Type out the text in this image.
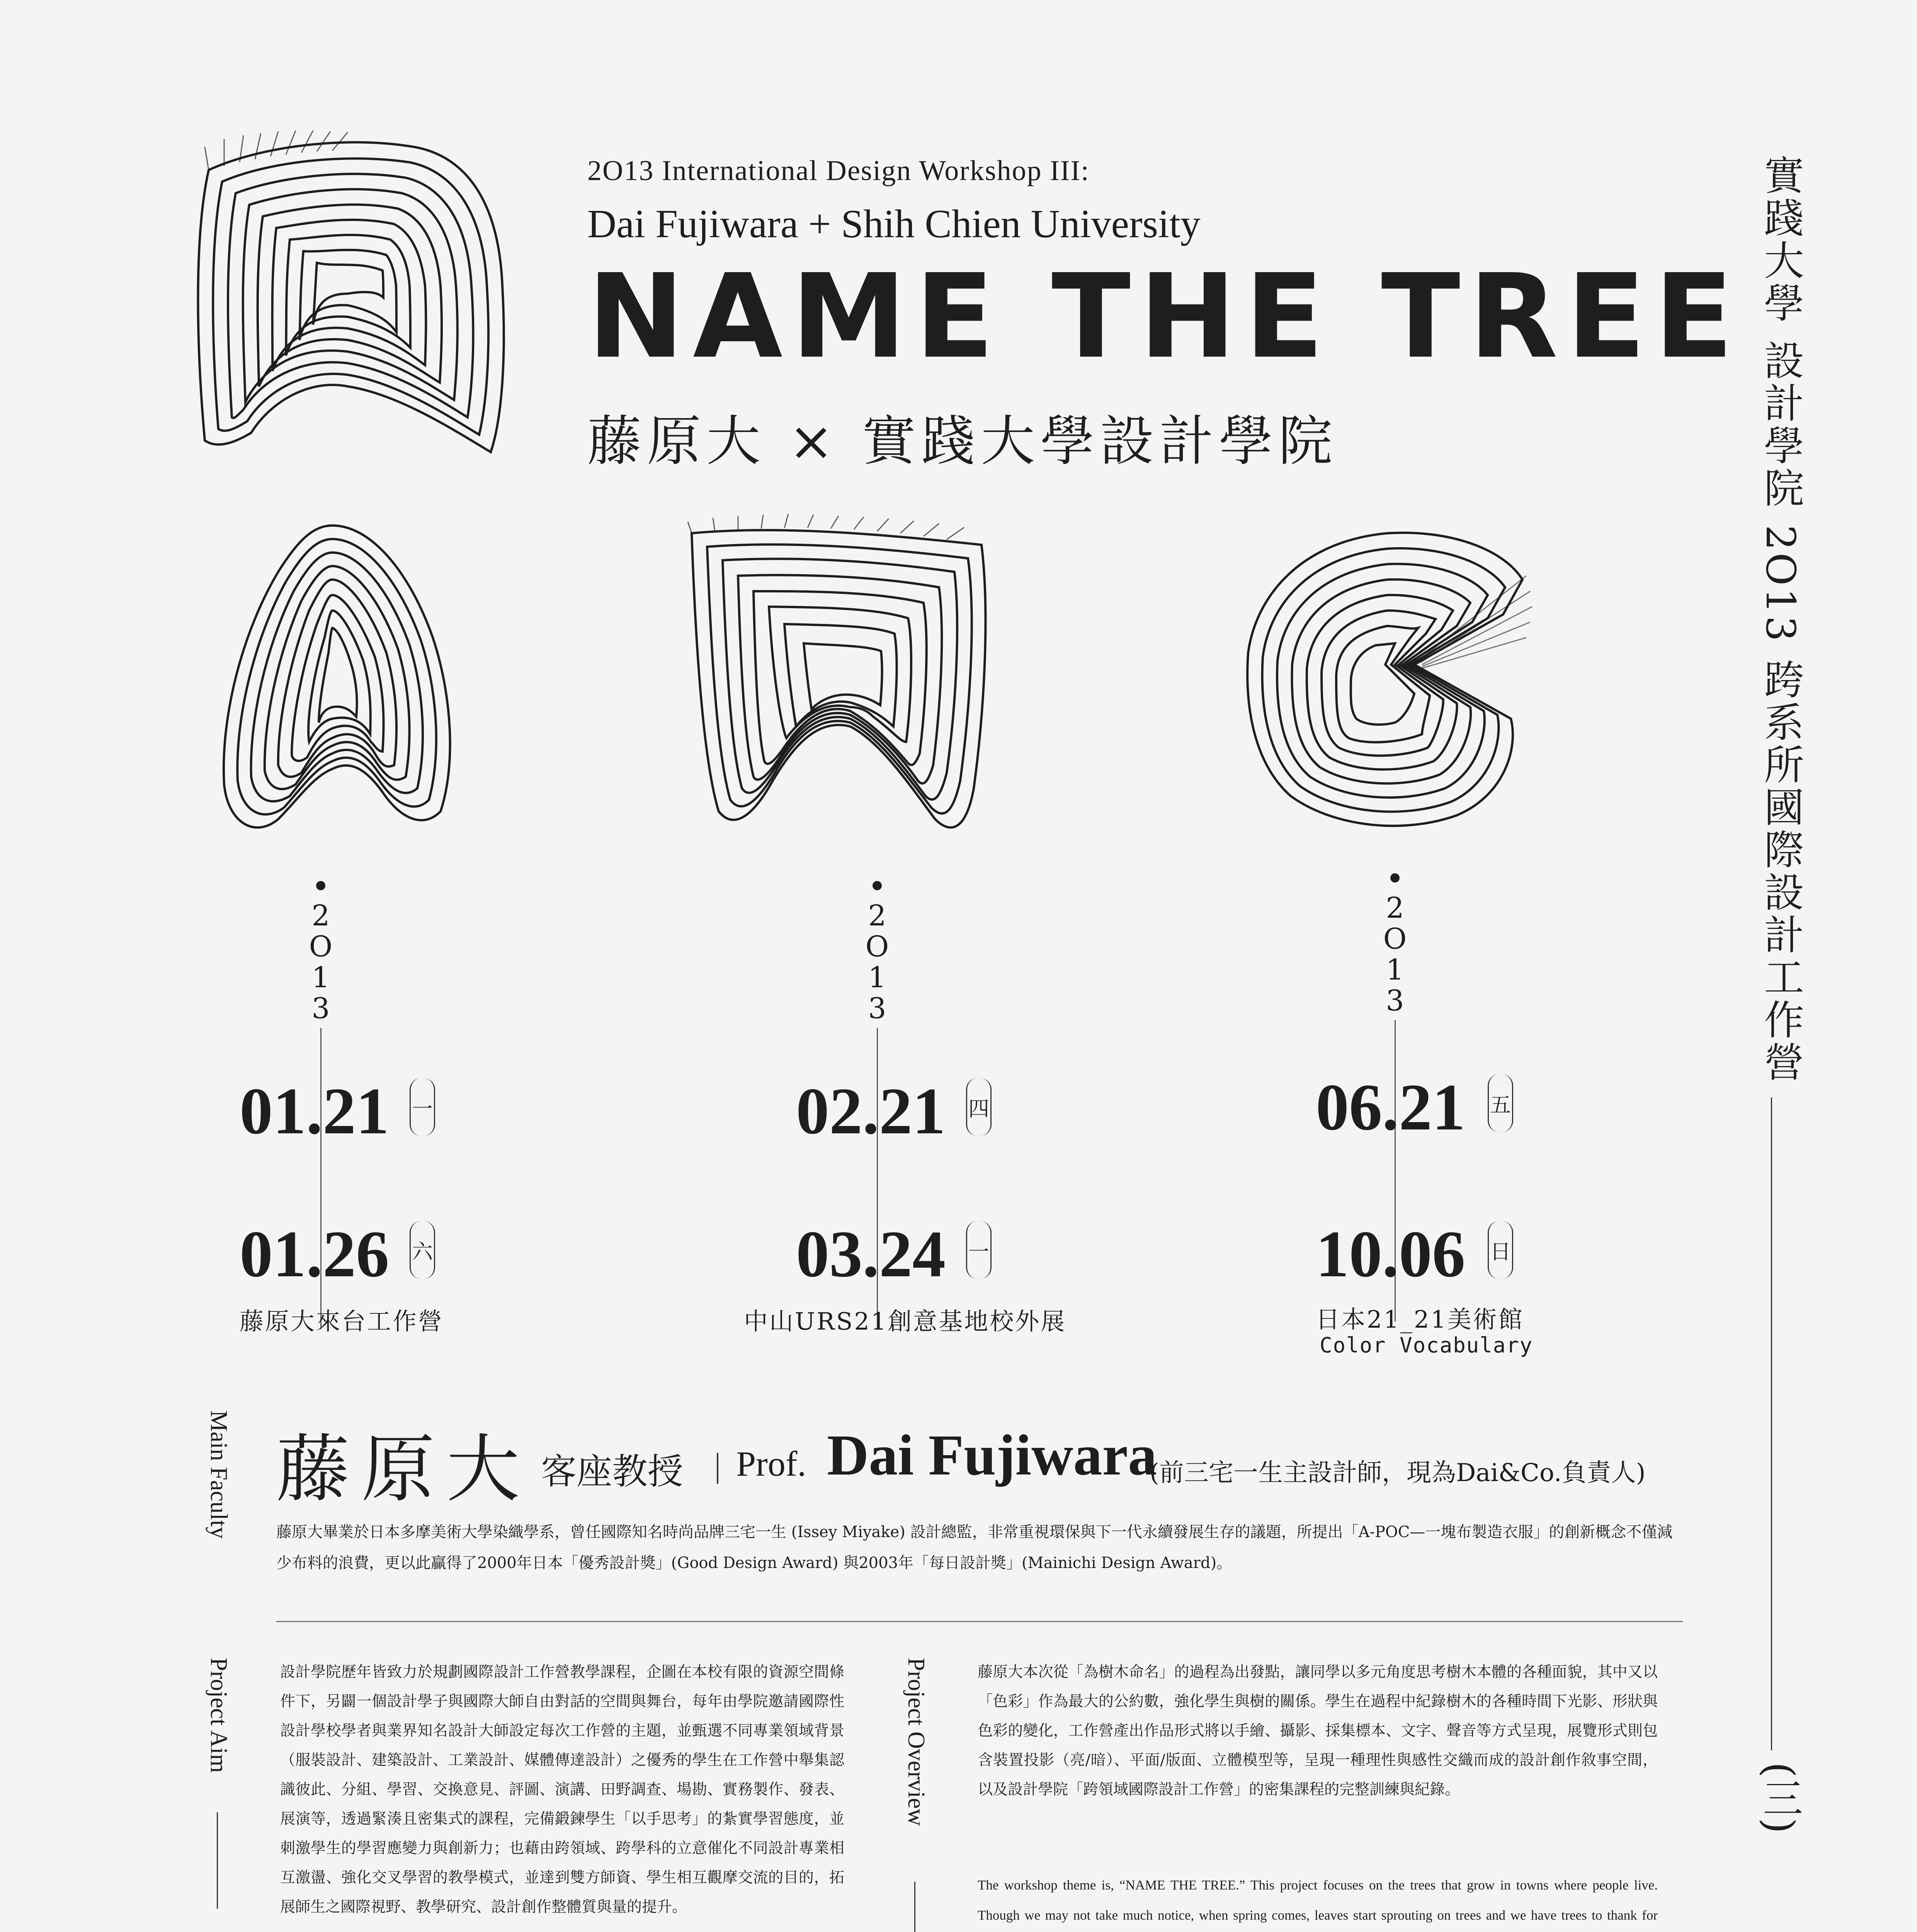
2O13 International Design Workshop III:
Dai Fujiwara + Shih Chien University
NAME THE TREE
藤原大 × 實踐大學設計學院	實踐大學 設計學院 2O13 跨系所國際設計工作營
(三)
2
O
1
3
01.21 一
01.26 六
藤原大來台工作營
2
O
1
3
02.21 四
03.24 一
中山URS21創意基地校外展
2
O
1
3
06.21 五
10.06 日
日本21_21美術館
Color Vocabulary
Main Faculty 藤原大 客座教授 Prof. Dai Fujiwara
(前三宅一生主設計師，現為Dai&Co.負責人)
藤原大畢業於日本多摩美術大學染織學系，曾任國際知名時尚品牌三宅一生 (Issey Miyake) 設計總監，非常重視環保與下一代永續發展生存的議題，所提出「A-POC—一塊布製造衣服」的創新概念不僅減少布料的浪費，更以此贏得了2000年日本「優秀設計獎」(Good Design Award) 與2003年「每日設計獎」(Mainichi Design Award)。
Project Aim	設計學院歷年皆致力於規劃國際設計工作營教學課程，企圖在本校有限的資源空間條件下，另闢一個設計學子與國際大師自由對話的空間與舞台，每年由學院邀請國際性設計學校學者與業界知名設計大師設定每次工作營的主題，並甄選不同專業領域背景（服裝設計、建築設計、工業設計、媒體傳達設計）之優秀的學生在工作營中舉集認識彼此、分組、學習、交換意見、評圖、演講、田野調查、場勘、實務製作、發表、展演等，透過緊湊且密集式的課程，完備鍛鍊學生「以手思考」的紮實學習態度，並刺激學生的學習應變力與創新力；也藉由跨領域、跨學科的立意催化不同設計專業相互激盪、強化交叉學習的教學模式，並達到雙方師資、學生相互觀摩交流的目的，拓展師生之國際視野、教學研究、設計創作整體質與量的提升。
Project Overview	藤原大本次從「為樹木命名」的過程為出發點，讓同學以多元角度思考樹木本體的各種面貌，其中又以「色彩」作為最大的公約數，強化學生與樹的關係。學生在過程中紀錄樹木的各種時間下光影、形狀與色彩的變化，工作營產出作品形式將以手繪、攝影、採集標本、文字、聲音等方式呈現，展覽形式則包含裝置投影（亮/暗）、平面/版面、立體模型等，呈現一種理性與感性交織而成的設計創作敘事空間，以及設計學院「跨領域國際設計工作營」的密集課程的完整訓練與紀錄。
The workshop theme is, “NAME THE TREE.” This project focuses on the trees that grow in towns where people live. Though we may not take much notice, when spring comes, leaves start sprouting on trees and we have trees to thank for
